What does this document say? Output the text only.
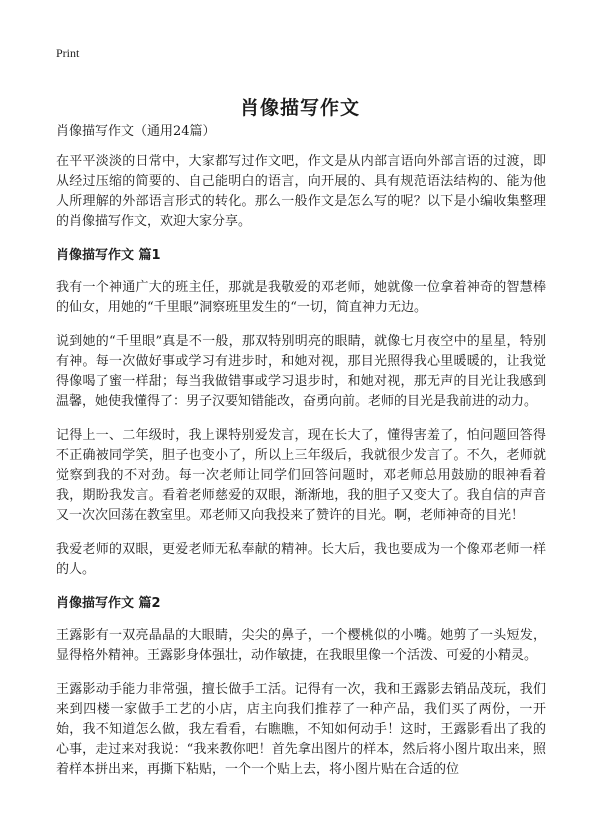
Print
肖像描写作文
肖像描写作文（通用24篇）

在平平淡淡的日常中，大家都写过作文吧，作文是从内部言语向外部言语的过渡，即从经过压缩的简要的、自己能明白的语言，向开展的、具有规范语法结构的、能为他人所理解的外部语言形式的转化。那么一般作文是怎么写的呢？以下是小编收集整理的肖像描写作文，欢迎大家分享。

肖像描写作文 篇1

我有一个神通广大的班主任，那就是我敬爱的邓老师，她就像一位拿着神奇的智慧棒的仙女，用她的“千里眼”洞察班里发生的“一切，简直神力无边。

说到她的“千里眼”真是不一般，那双特别明亮的眼睛，就像七月夜空中的星星，特别有神。每一次做好事或学习有进步时，和她对视，那目光照得我心里暖暖的，让我觉得像喝了蜜一样甜；每当我做错事或学习退步时，和她对视，那无声的目光让我感到温馨，她使我懂得了：男子汉要知错能改，奋勇向前。老师的目光是我前进的动力。

记得上一、二年级时，我上课特别爱发言，现在长大了，懂得害羞了，怕问题回答得不正确被同学笑，胆子也变小了，所以上三年级后，我就很少发言了。不久，老师就觉察到我的不对劲。每一次老师让同学们回答问题时，邓老师总用鼓励的眼神看着我，期盼我发言。看着老师慈爱的双眼，渐渐地，我的胆子又变大了。我自信的声音又一次次回荡在教室里。邓老师又向我投来了赞许的目光。啊，老师神奇的目光！

我爱老师的双眼，更爱老师无私奉献的精神。长大后，我也要成为一个像邓老师一样的人。

肖像描写作文 篇2

王露影有一双亮晶晶的大眼睛，尖尖的鼻子，一个樱桃似的小嘴。她剪了一头短发，显得格外精神。王露影身体强壮，动作敏捷，在我眼里像一个活泼、可爱的小精灵。

王露影动手能力非常强，擅长做手工活。记得有一次，我和王露影去销品茂玩，我们来到四楼一家做手工艺的小店，店主向我们推荐了一种产品，我们买了两份，一开始，我不知道怎么做，我左看看，右瞧瞧，不知如何动手！这时，王露影看出了我的心事，走过来对我说：“我来教你吧！首先拿出图片的样本，然后将小图片取出来，照着样本拼出来，再撕下粘贴，一个一个贴上去，将小图片贴在合适的位
